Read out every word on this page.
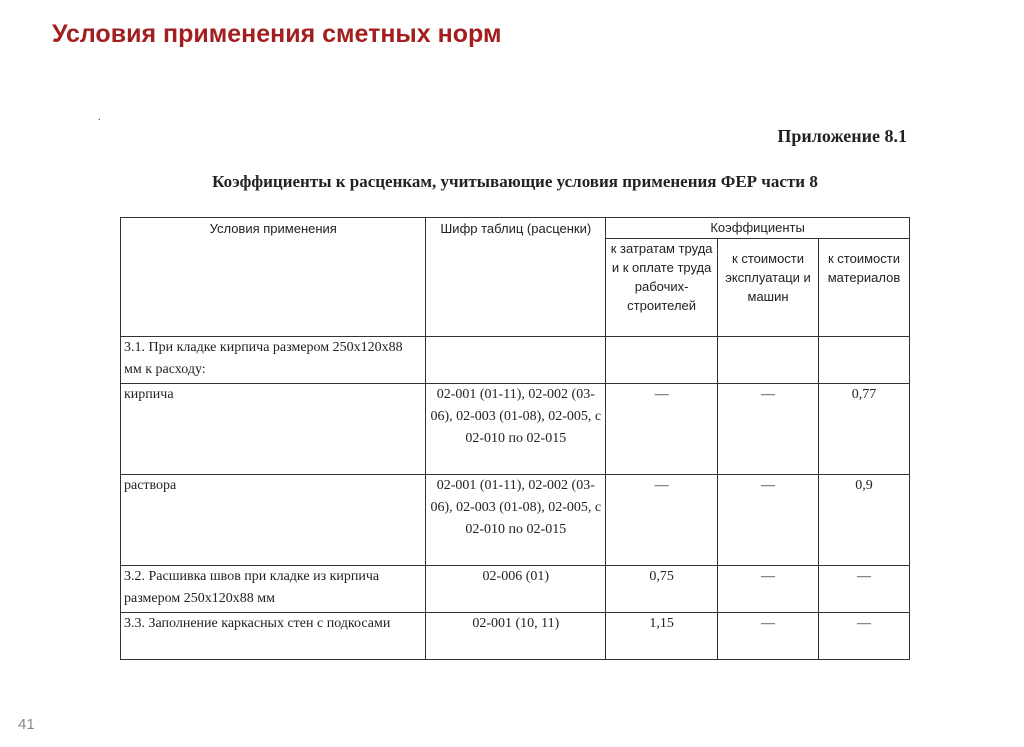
Условия применения сметных норм
.
Приложение 8.1
Коэффициенты к расценкам, учитывающие условия применения ФЕР части 8
Условия применения	Шифр таблиц (расценки)	Коэффициенты		
		к затратам труда и к оплате труда рабочих-строителей	к стоимости эксплуатаци и машин	к стоимости материалов
3.1. При кладке кирпича размером 250х120х88 мм к расходу:				
кирпича	02-001 (01-11), 02-002 (03-06), 02-003 (01-08), 02-005, с 02-010 по 02-015	—	—	0,77
раствора	02-001 (01-11), 02-002 (03-06), 02-003 (01-08), 02-005, с 02-010 по 02-015	—	—	0,9
3.2. Расшивка швов при кладке из кирпича размером 250х120х88 мм	02-006 (01)	0,75	—	—
3.3. Заполнение каркасных стен с подкосами	02-001 (10, 11)	1,15	—	—
41
